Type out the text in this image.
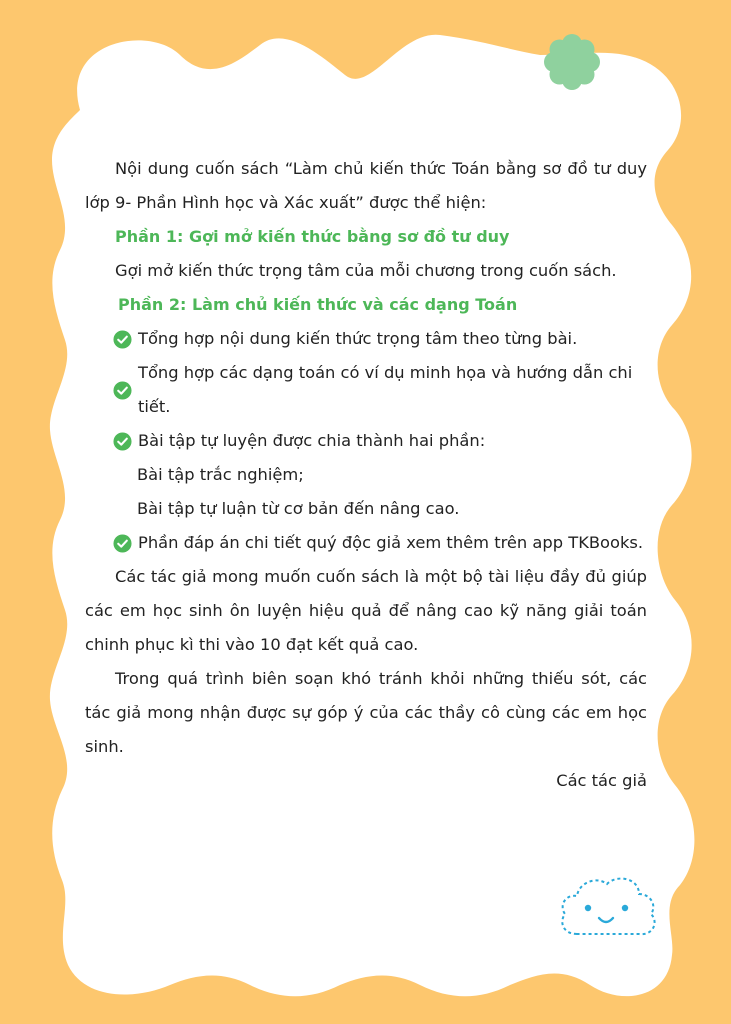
Nội dung cuốn sách “Làm chủ kiến thức Toán bằng sơ đồ tư duy lớp 9- Phần Hình học và Xác xuất” được thể hiện:

Phần 1: Gợi mở kiến thức bằng sơ đồ tư duy

Gợi mở kiến thức trọng tâm của mỗi chương trong cuốn sách.

Phần 2: Làm chủ kiến thức và các dạng Toán

Tổng hợp nội dung kiến thức trọng tâm theo từng bài.
Tổng hợp các dạng toán có ví dụ minh họa và hướng dẫn chi tiết.
Bài tập tự luyện được chia thành hai phần:

Bài tập trắc nghiệm;

Bài tập tự luận từ cơ bản đến nâng cao.

Phần đáp án chi tiết quý độc giả xem thêm trên app TKBooks.

Các tác giả mong muốn cuốn sách là một bộ tài liệu đầy đủ giúp các em học sinh ôn luyện hiệu quả để nâng cao kỹ năng giải toán chinh phục kì thi vào 10 đạt kết quả cao.

Trong quá trình biên soạn khó tránh khỏi những thiếu sót, các tác giả mong nhận được sự góp ý của các thầy cô cùng các em học sinh.

Các tác giả
